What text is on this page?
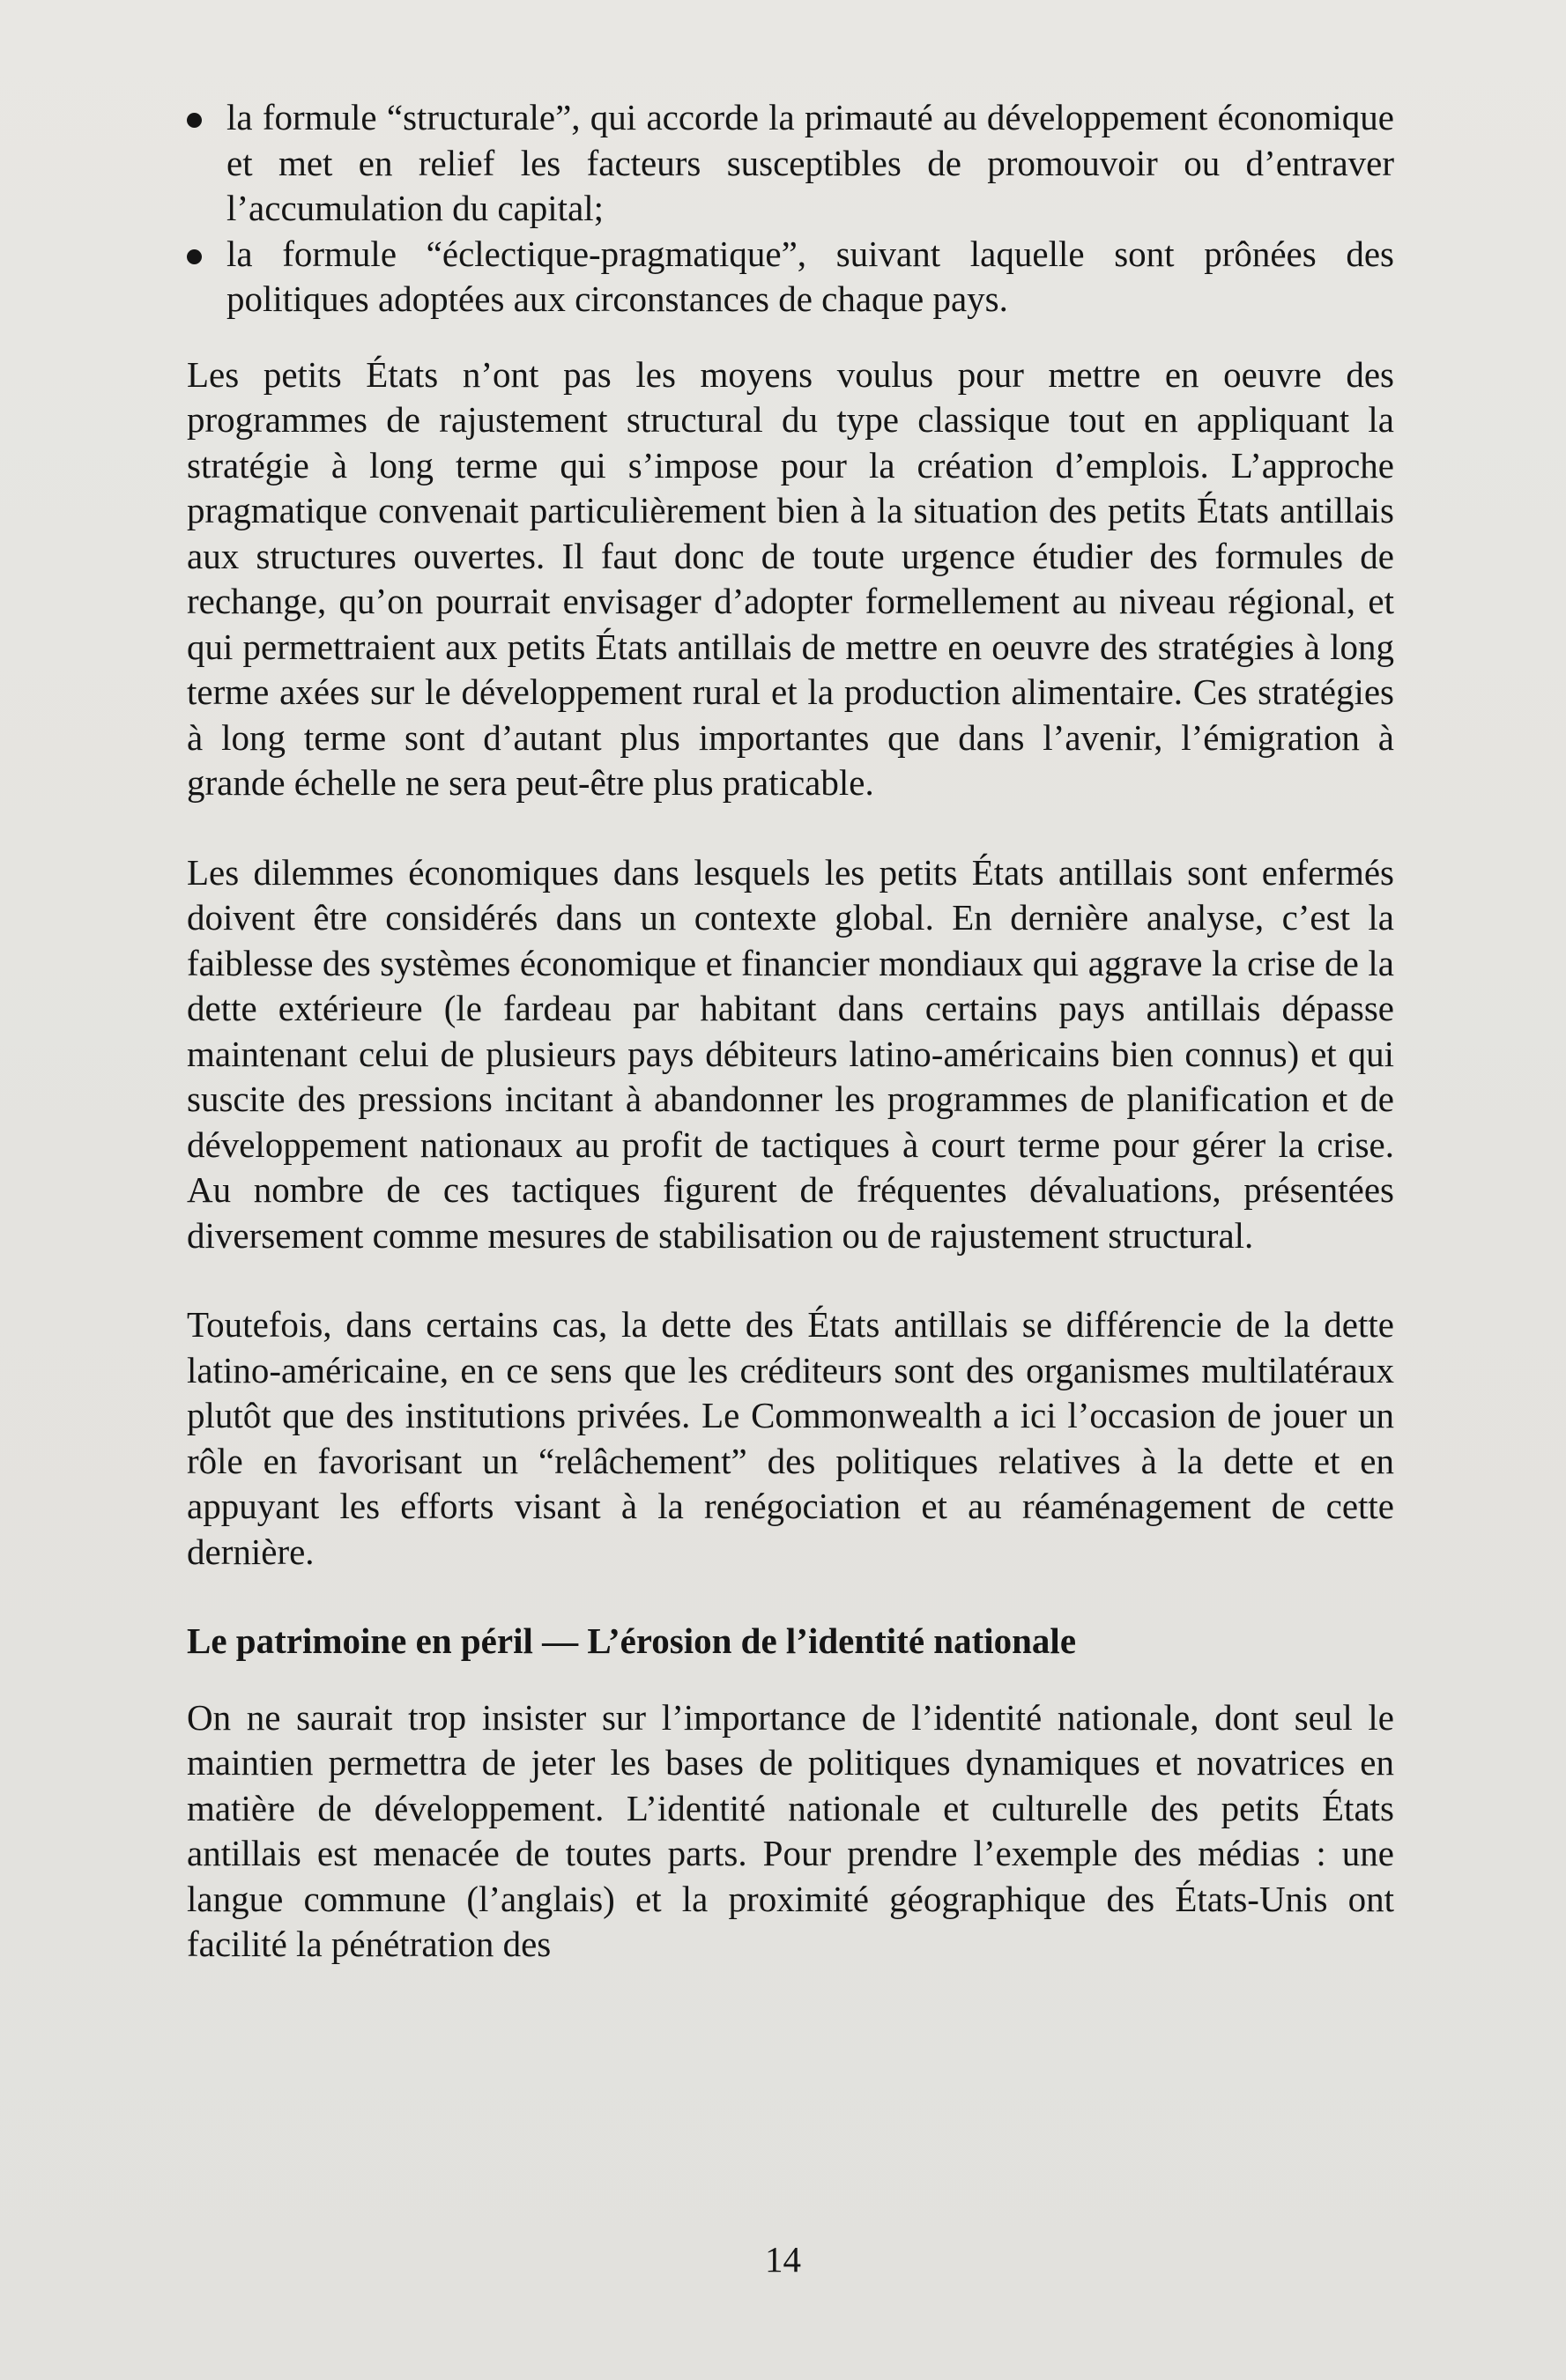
la formule “structurale”, qui accorde la primauté au développement économique et met en relief les facteurs susceptibles de promouvoir ou d’entraver l’accumulation du capital;
la formule “éclectique-pragmatique”, suivant laquelle sont prônées des politiques adoptées aux circonstances de chaque pays.

Les petits États n’ont pas les moyens voulus pour mettre en oeuvre des programmes de rajustement structural du type classique tout en appliquant la stratégie à long terme qui s’impose pour la création d’emplois. L’approche pragmatique convenait particulièrement bien à la situation des petits États antillais aux structures ouvertes. Il faut donc de toute urgence étudier des formules de rechange, qu’on pourrait envisager d’adopter formellement au niveau régional, et qui permettraient aux petits États antillais de mettre en oeuvre des stratégies à long terme axées sur le développement rural et la production alimentaire. Ces stratégies à long terme sont d’autant plus importantes que dans l’avenir, l’émigration à grande échelle ne sera peut-être plus praticable.

Les dilemmes économiques dans lesquels les petits États antillais sont enfermés doivent être considérés dans un contexte global. En dernière analyse, c’est la faiblesse des systèmes économique et financier mondiaux qui aggrave la crise de la dette extérieure (le fardeau par habitant dans certains pays antillais dépasse maintenant celui de plusieurs pays débiteurs latino-américains bien connus) et qui suscite des pressions incitant à abandonner les programmes de planification et de développement nationaux au profit de tactiques à court terme pour gérer la crise. Au nombre de ces tactiques figurent de fréquentes dévaluations, présentées diversement comme mesures de stabilisation ou de rajustement structural.

Toutefois, dans certains cas, la dette des États antillais se différencie de la dette latino-américaine, en ce sens que les créditeurs sont des organismes multilatéraux plutôt que des institutions privées. Le Commonwealth a ici l’occasion de jouer un rôle en favorisant un “relâchement” des politiques relatives à la dette et en appuyant les efforts visant à la renégociation et au réaménagement de cette dernière.

Le patrimoine en péril — L’érosion de l’identité nationale

On ne saurait trop insister sur l’importance de l’identité nationale, dont seul le maintien permettra de jeter les bases de politiques dynamiques et novatrices en matière de développement. L’identité nationale et culturelle des petits États antillais est menacée de toutes parts. Pour prendre l’exemple des médias : une langue commune (l’anglais) et la proximité géographique des États-Unis ont facilité la pénétration des

14
